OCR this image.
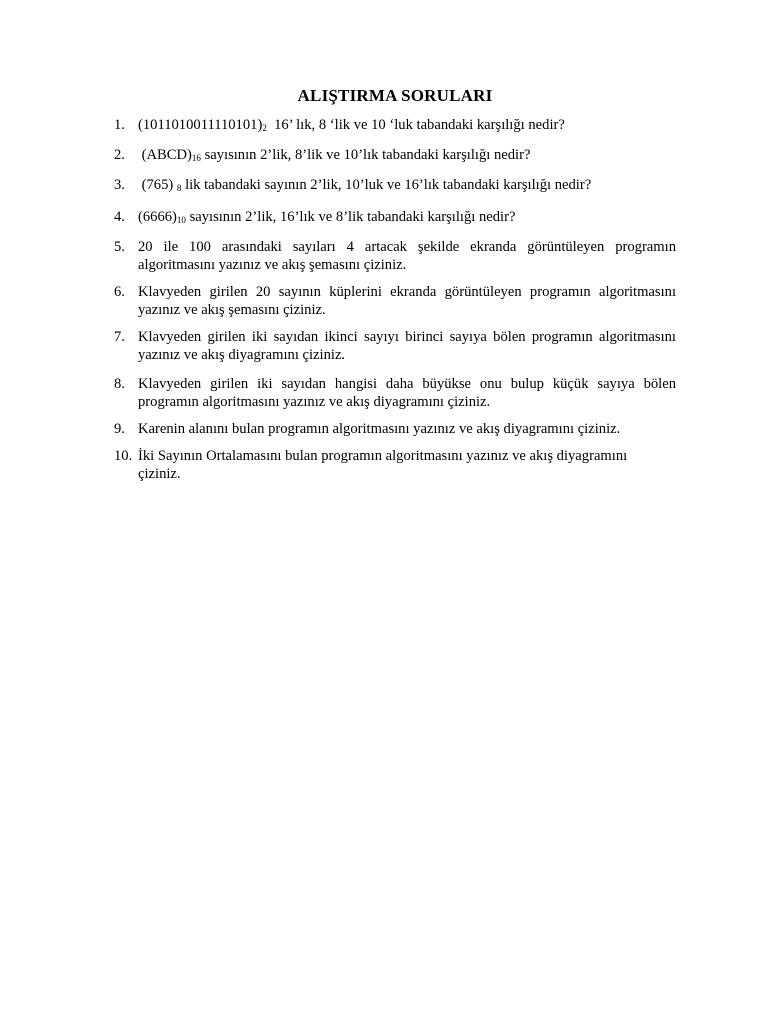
ALIŞTIRMA SORULARI
1. $(1011010011110101)_2$  16’ lık, 8 ‘lik ve 10 ‘luk tabandaki karşılığı nedir?
2. $(ABCD)_{16}$ sayısının 2’lik, 8’lik ve 10’lık tabandaki karşılığı nedir?
3. (765) $_8$ lik tabandaki sayının 2’lik, 10’luk ve 16’lık tabandaki karşılığı nedir?
4. $(6666)_{10}$ sayısının 2’lik, 16’lık ve 8’lik tabandaki karşılığı nedir?
5. 20 ile 100 arasındaki sayıları 4 artacak şekilde ekranda görüntüleyen programın algoritmasını yazınız ve akış şemasını çiziniz.
6. Klavyeden girilen 20 sayının küplerini ekranda görüntüleyen programın algoritmasını yazınız ve akış şemasını çiziniz.
7. Klavyeden girilen iki sayıdan ikinci sayıyı birinci sayıya bölen programın algoritmasını yazınız ve akış diyagramını çiziniz.
8. Klavyeden girilen iki sayıdan hangisi daha büyükse onu bulup küçük sayıya bölen programın algoritmasını yazınız ve akış diyagramını çiziniz.
9. Karenin alanını bulan programın algoritmasını yazınız ve akış diyagramını çiziniz.
10. İki Sayının Ortalamasını bulan programın algoritmasını yazınız ve akış diyagramını çiziniz.
